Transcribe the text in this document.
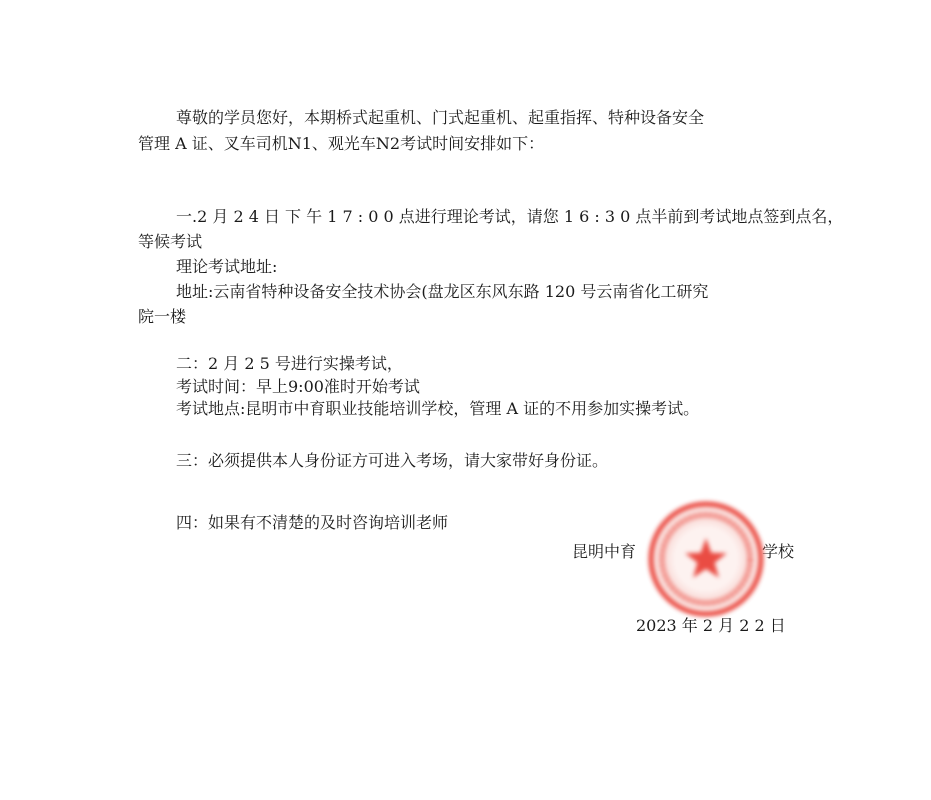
尊敬的学员您好，本期桥式起重机、门式起重机、起重指挥、特种设备安全
管理 A 证、叉车司机N1、观光车N2考试时间安排如下：
一.2 月 2 4 日 下 午 1 7 : 0 0 点进行理论考试，请您 1 6 : 3 0 点半前到考试地点签到点名，
等候考试
理论考试地址:
地址:云南省特种设备安全技术协会(盘龙区东风东路 120 号云南省化工研究
院一楼
二：2 月 2 5 号进行实操考试，
考试时间：早上9:00准时开始考试
考试地点:昆明市中育职业技能培训学校，管理 A 证的不用参加实操考试。
三：必须提供本人身份证方可进入考场，请大家带好身份证。
四：如果有不清楚的及时咨询培训老师
昆明中育	学校
2023 年 2 月 2 2 日
